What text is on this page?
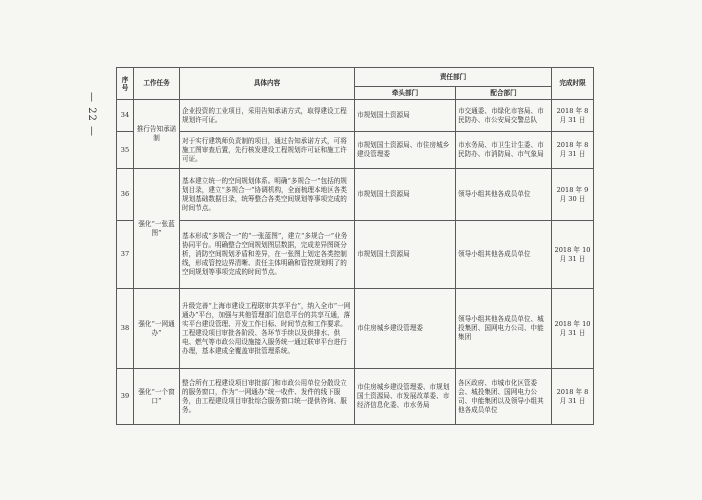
— 22 —
序号	工作任务	具体内容	责任部门		完成时限
			牵头部门	配合部门	
34	推行告知承诺制	企业投资的工业项目，采用告知承诺方式，取得建设工程规划许可证。	市规划国土资源局	市交通委、市绿化市容局、市民防办、市公安局交警总队	2018 年 8 月 31 日
35		对于实行建筑师负责制的项目，通过告知承诺方式，可将施工图审查后置，先行核发建设工程规划许可证和施工许可证。	市规划国土资源局、市住房城乡建设管理委	市水务局、市卫生计生委、市民防办、市消防局、市气象局	2018 年 8 月 31 日
36	强化“一张蓝图”	基本建立统一的空间规划体系。明确“多规合一”包括的规划目录，建立“多规合一”协调机构，全面梳理本地区各类规划基础数据目录，统筹整合各类空间规划等事项完成的时间节点。	市规划国土资源局	领导小组其他各成员单位	2018 年 9 月 30 日
37		基本形成“多规合一”的“一张蓝图”，建立“多规合一”业务协同平台。明确整合空间规划图层数据，完成差异图斑分析，消防空间规划矛盾和差异，在一张图上划定各类控制线，形成管控边界清晰、责任主体明确和管控规划明了的空间规划等事项完成的时间节点。	市规划国土资源局	领导小组其他各成员单位	2018 年 10 月 31 日
38	强化“一网通办”	升级完善“上海市建设工程联审共享平台”，纳入全市“一网通办”平台，加强与其他管理部门信息平台的共享互通，落实平台建设管理、开发工作目标、时间节点和工作要求。工程建设项目审批各阶段、各环节手续以及供排水、供电、燃气等市政公用设施接入服务统一通过联审平台进行办理，基本建成全覆盖审批管理系统。	市住房城乡建设管理委	领导小组其他各成员单位、城投集团、国网电力公司、申能集团	2018 年 10 月 31 日
39	强化“一个窗口”	整合所有工程建设项目审批部门和市政公用单位分散设立的服务窗口，作为“一网通办”统一收件、发件的线下服务，由工程建设项目审批综合服务窗口统一提供咨询、服务。	市住房城乡建设管理委、市规划国土资源局、市发展改革委、市经济信息化委、市水务局	各区政府、市城市化区管委会、城投集团、国网电力公司、申能集团以及领导小组其他各成员单位	2018 年 8 月 31 日
